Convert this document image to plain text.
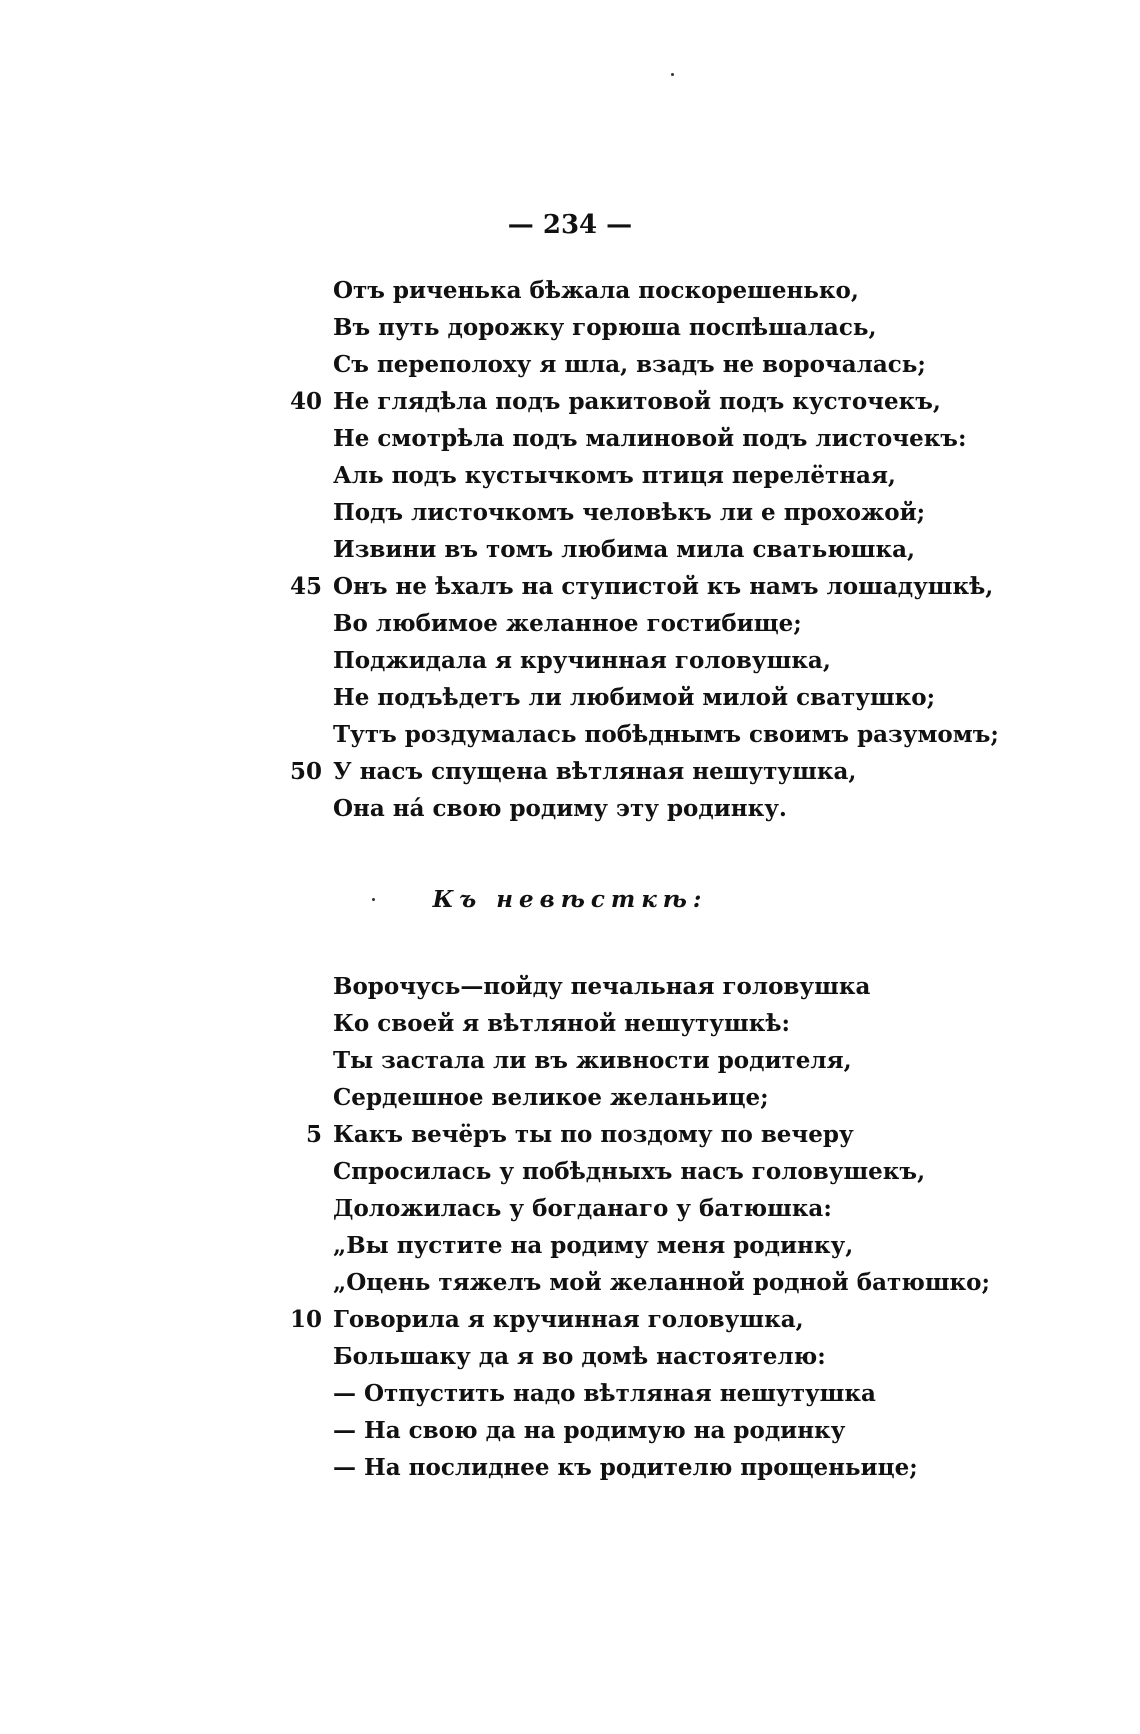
— 234 —
Отъ риченька бѣжала поскорешенько,
Въ путь дорожку горюша поспѣшалась,
Съ переполоху я шла, взадъ не ворочалась;
40 Не глядѣла подъ ракитовой подъ кусточекъ,
Не смотрѣла подъ малиновой подъ листочекъ:
Аль подъ кустычкомъ птиця перелётная,
Подъ листочкомъ человѣкъ ли е прохожой;
Извини въ томъ любима мила сватьюшка,
45 Онъ не ѣхалъ на ступистой къ намъ лошадушкѣ,
Во любимое желанное гостибище;
Поджидала я кручинная головушка,
Не подъѣдетъ ли любимой милой сватушко;
Тутъ роздумалась побѣднымъ своимъ разумомъ;
50 У насъ спущена вѣтляная нешутушка,
Она на́ свою родиму эту родинку.
Къ невѣсткѣ:
Ворочусь—пойду печальная головушка
Ко своей я вѣтляной нешутушкѣ:
Ты застала ли въ живности родителя,
Сердешное великое желаньице;
5 Какъ вечёръ ты по поздому по вечеру
Спросилась у побѣдныхъ насъ головушекъ,
Доложилась у богданаго у батюшка:
„Вы пустите на родиму меня родинку,
„Оцень тяжелъ мой желанной родной батюшко;
10 Говорила я кручинная головушка,
Большаку да я во домѣ настоятелю:
— Отпустить надо вѣтляная нешутушка
— На свою да на родимую на родинку
— На послиднее къ родителю прощеньице;
